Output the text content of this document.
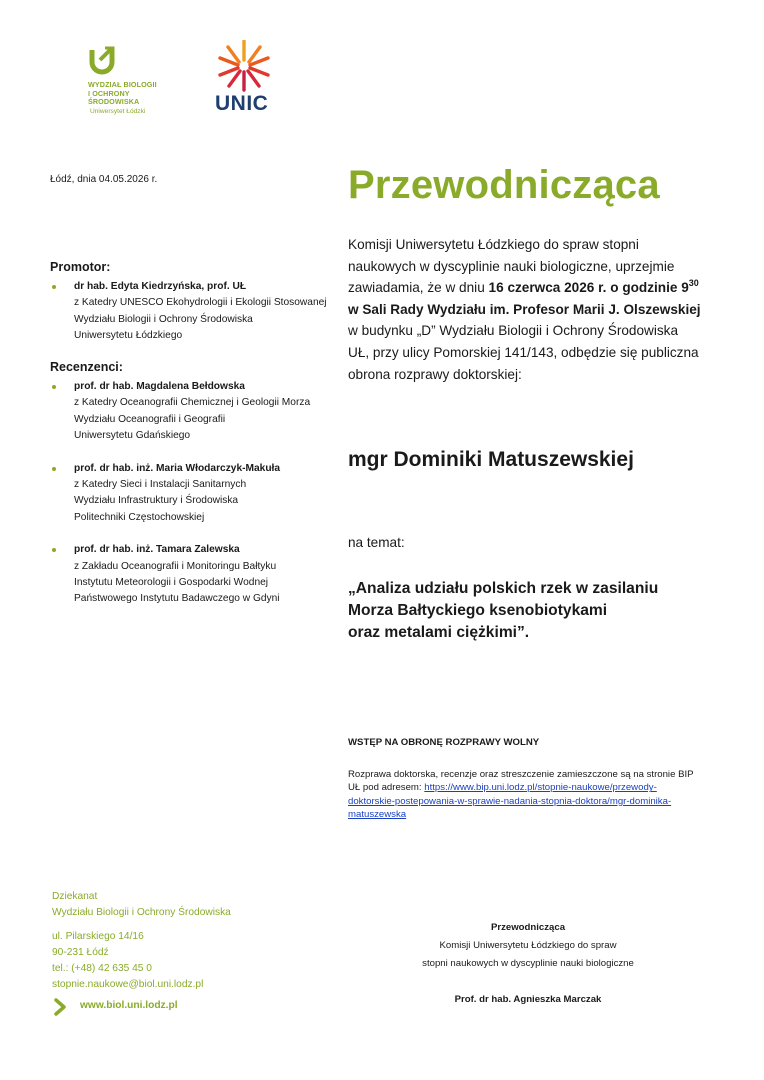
WYDZIAŁ BIOLOGII
I OCHRONY
ŚRODOWISKA
Uniwersytet Łódzki	UNIC
Łódź, dnia 04.05.2026 r.	Przewodnicząca
Komisji Uniwersytetu Łódzkiego do spraw stopni
naukowych w dyscyplinie nauki biologiczne, uprzejmie
zawiadamia, że w dniu 16 czerwca 2026 r. o godzinie $9^{30}$
w Sali Rady Wydziału im. Profesor Marii J. Olszewskiej
w budynku „D” Wydziału Biologii i Ochrony Środowiska
UŁ, przy ulicy Pomorskiej 141/143, odbędzie się publiczna
obrona rozprawy doktorskiej:
Promotor:
dr hab. Edyta Kiedrzyńska, prof. UŁ
z Katedry UNESCO Ekohydrologii i Ekologii Stosowanej
Wydziału Biologii i Ochrony Środowiska
Uniwersytetu Łódzkiego
Recenzenci:
prof. dr hab. Magdalena Bełdowska
z Katedry Oceanografii Chemicznej i Geologii Morza
Wydziału Oceanografii i Geografii
Uniwersytetu Gdańskiego
prof. dr hab. inż. Maria Włodarczyk-Makuła
z Katedry Sieci i Instalacji Sanitarnych
Wydziału Infrastruktury i Środowiska
Politechniki Częstochowskiej
prof. dr hab. inż. Tamara Zalewska
z Zakładu Oceanografii i Monitoringu Bałtyku
Instytutu Meteorologii i Gospodarki Wodnej
Państwowego Instytutu Badawczego w Gdyni
mgr Dominiki Matuszewskiej
na temat:
„Analiza udziału polskich rzek w zasilaniu
Morza Bałtyckiego ksenobiotykami
oraz metalami ciężkimi”.
WSTĘP NA OBRONĘ ROZPRAWY WOLNY
Rozprawa doktorska, recenzje oraz streszczenie zamieszczone są na stronie BIP
UŁ pod adresem: https://www.bip.uni.lodz.pl/stopnie-naukowe/przewody-
doktorskie-postepowania-w-sprawie-nadania-stopnia-doktora/mgr-dominika-
matuszewska
Dziekanat
Wydziału Biologii i Ochrony Środowiska
ul. Pilarskiego 14/16
90-231 Łódź
tel.: (+48) 42 635 45 0
stopnie.naukowe@biol.uni.lodz.pl
www.biol.uni.lodz.pl
Przewodnicząca
Komisji Uniwersytetu Łódzkiego do spraw
stopni naukowych w dyscyplinie nauki biologiczne
Prof. dr hab. Agnieszka Marczak
